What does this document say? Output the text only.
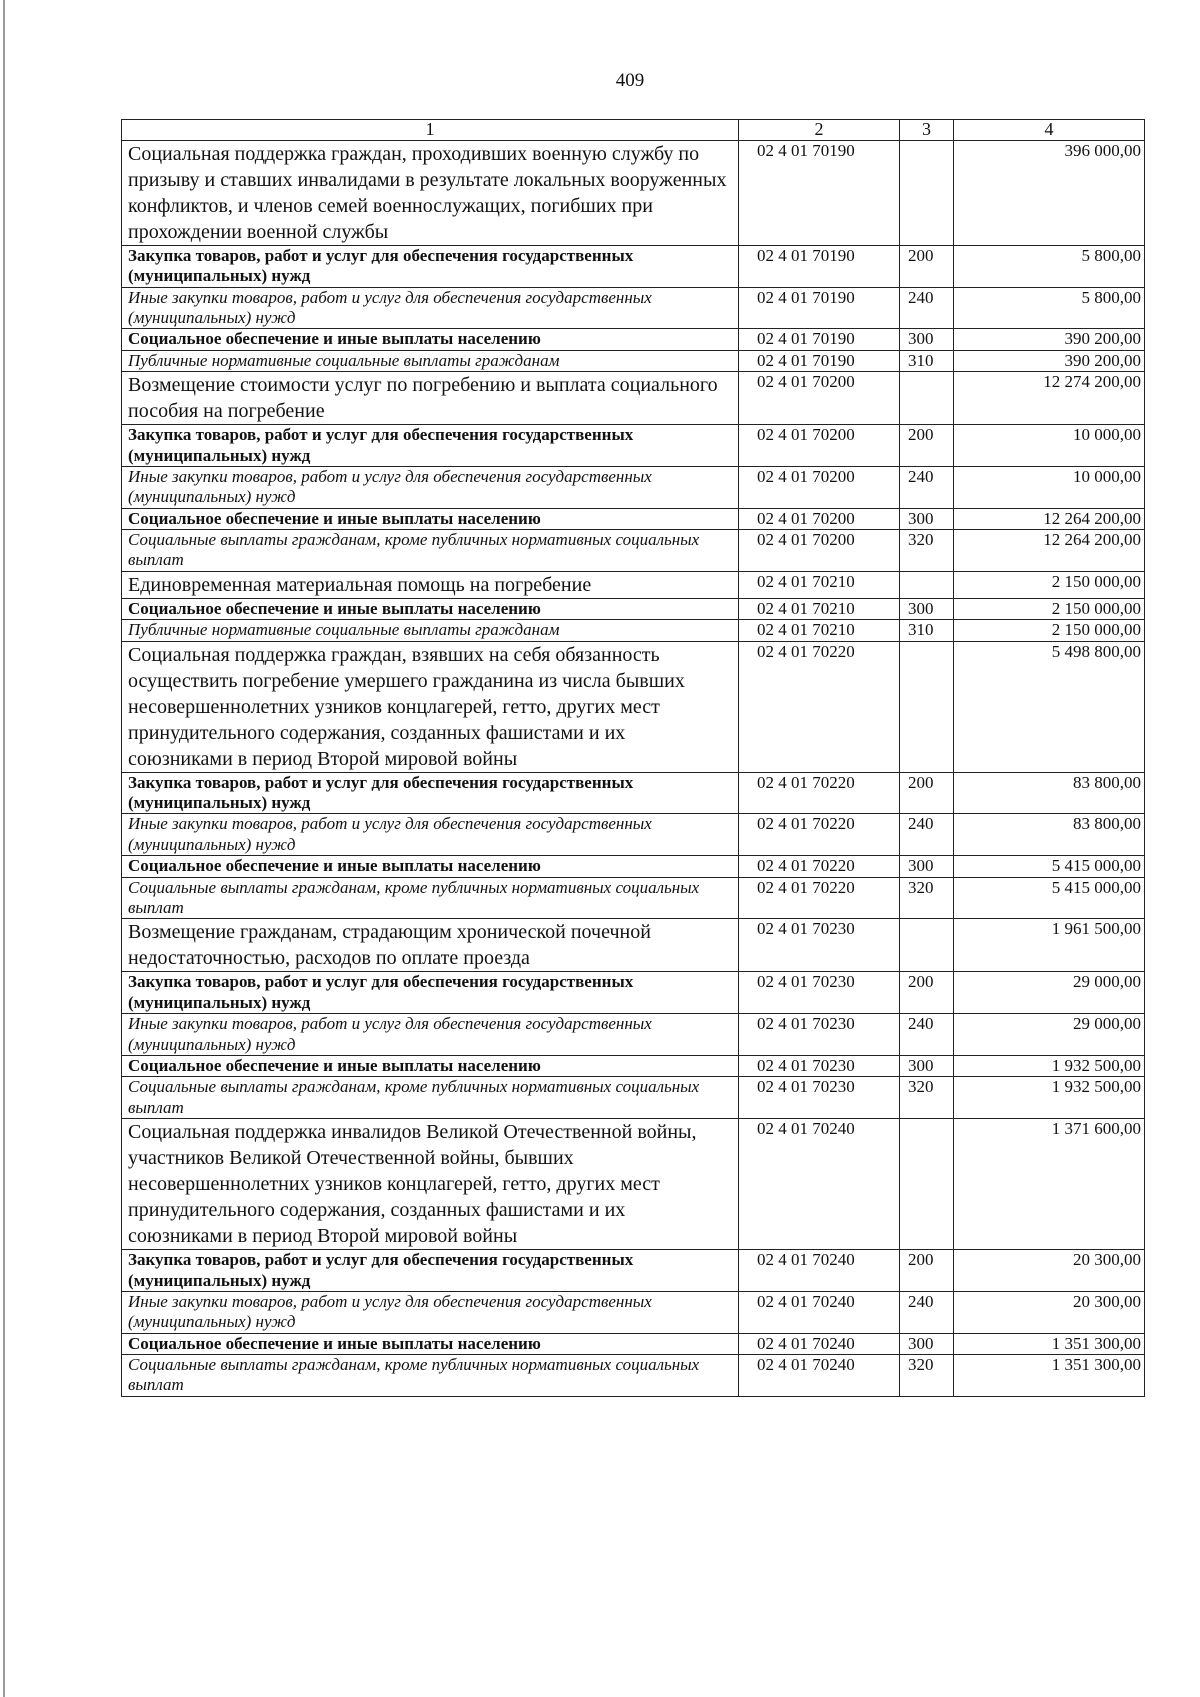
409
1	2	3	4
Социальная поддержка граждан, проходивших военную службу по призыву и ставших инвалидами в результате локальных вооруженных конфликтов, и членов семей военнослужащих, погибших при прохождении военной службы	02 4 01 70190		396 000,00
Закупка товаров, работ и услуг для обеспечения государственных (муниципальных) нужд	02 4 01 70190	200	5 800,00
Иные закупки товаров, работ и услуг для обеспечения государственных (муниципальных) нужд	02 4 01 70190	240	5 800,00
Социальное обеспечение и иные выплаты населению	02 4 01 70190	300	390 200,00
Публичные нормативные социальные выплаты гражданам	02 4 01 70190	310	390 200,00
Возмещение стоимости услуг по погребению и выплата социального пособия на погребение	02 4 01 70200		12 274 200,00
Закупка товаров, работ и услуг для обеспечения государственных (муниципальных) нужд	02 4 01 70200	200	10 000,00
Иные закупки товаров, работ и услуг для обеспечения государственных (муниципальных) нужд	02 4 01 70200	240	10 000,00
Социальное обеспечение и иные выплаты населению	02 4 01 70200	300	12 264 200,00
Социальные выплаты гражданам, кроме публичных нормативных социальных выплат	02 4 01 70200	320	12 264 200,00
Единовременная материальная помощь на погребение	02 4 01 70210		2 150 000,00
Социальное обеспечение и иные выплаты населению	02 4 01 70210	300	2 150 000,00
Публичные нормативные социальные выплаты гражданам	02 4 01 70210	310	2 150 000,00
Социальная поддержка граждан, взявших на себя обязанность осуществить погребение умершего гражданина из числа бывших несовершеннолетних узников концлагерей, гетто, других мест принудительного содержания, созданных фашистами и их союзниками в период Второй мировой войны	02 4 01 70220		5 498 800,00
Закупка товаров, работ и услуг для обеспечения государственных (муниципальных) нужд	02 4 01 70220	200	83 800,00
Иные закупки товаров, работ и услуг для обеспечения государственных (муниципальных) нужд	02 4 01 70220	240	83 800,00
Социальное обеспечение и иные выплаты населению	02 4 01 70220	300	5 415 000,00
Социальные выплаты гражданам, кроме публичных нормативных социальных выплат	02 4 01 70220	320	5 415 000,00
Возмещение гражданам, страдающим хронической почечной недостаточностью, расходов по оплате проезда	02 4 01 70230		1 961 500,00
Закупка товаров, работ и услуг для обеспечения государственных (муниципальных) нужд	02 4 01 70230	200	29 000,00
Иные закупки товаров, работ и услуг для обеспечения государственных (муниципальных) нужд	02 4 01 70230	240	29 000,00
Социальное обеспечение и иные выплаты населению	02 4 01 70230	300	1 932 500,00
Социальные выплаты гражданам, кроме публичных нормативных социальных выплат	02 4 01 70230	320	1 932 500,00
Социальная поддержка инвалидов Великой Отечественной войны, участников Великой Отечественной войны, бывших несовершеннолетних узников концлагерей, гетто, других мест принудительного содержания, созданных фашистами и их союзниками в период Второй мировой войны	02 4 01 70240		1 371 600,00
Закупка товаров, работ и услуг для обеспечения государственных (муниципальных) нужд	02 4 01 70240	200	20 300,00
Иные закупки товаров, работ и услуг для обеспечения государственных (муниципальных) нужд	02 4 01 70240	240	20 300,00
Социальное обеспечение и иные выплаты населению	02 4 01 70240	300	1 351 300,00
Социальные выплаты гражданам, кроме публичных нормативных социальных выплат	02 4 01 70240	320	1 351 300,00
